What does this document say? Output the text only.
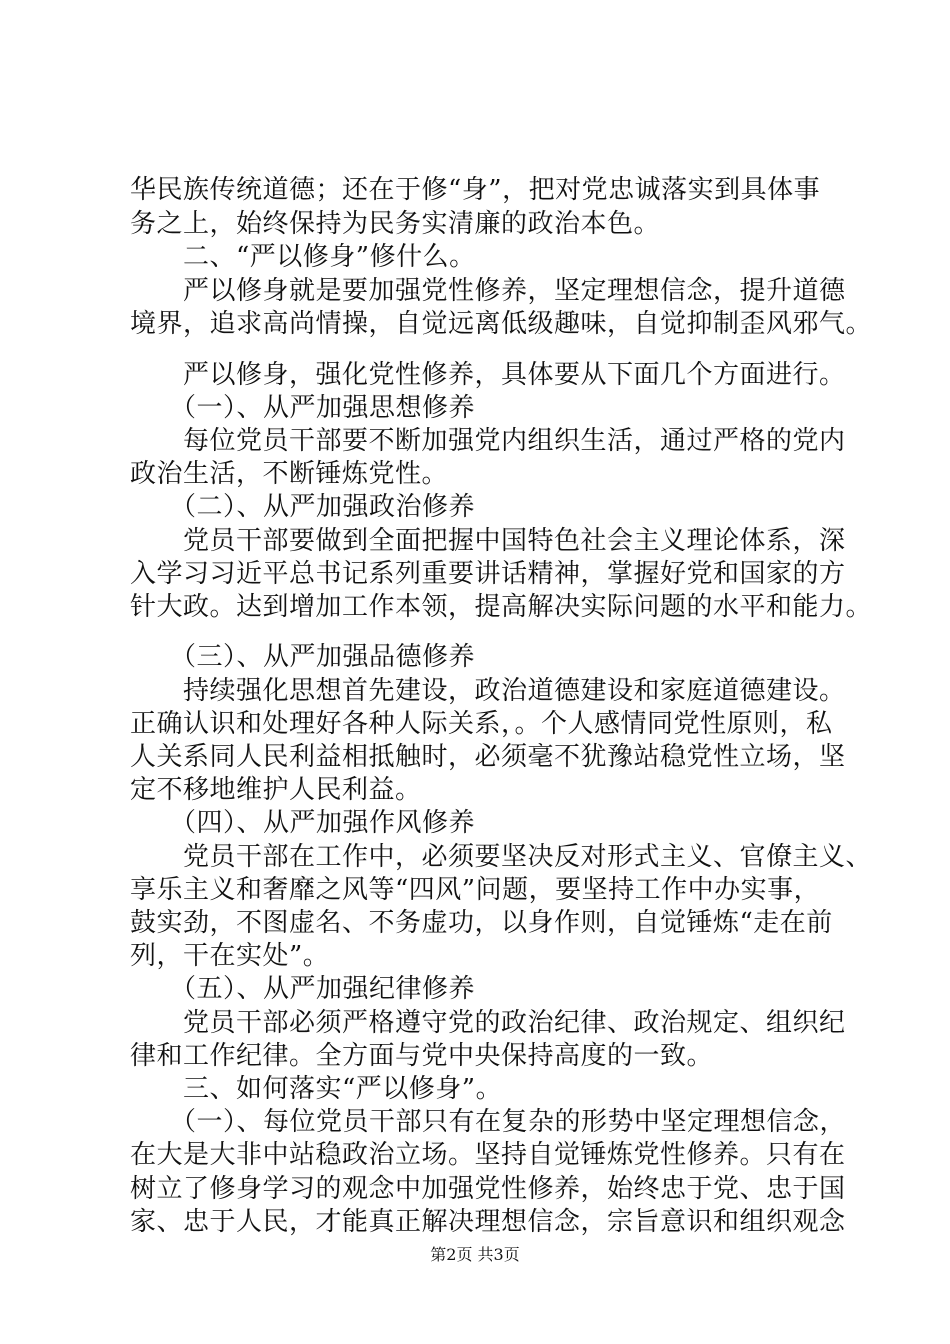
华民族传统道德；还在于修“身”，把对党忠诚落实到具体事
务之上，始终保持为民务实清廉的政治本色。
　　二、“严以修身”修什么。
　　严以修身就是要加强党性修养，坚定理想信念，提升道德
境界，追求高尚情操，自觉远离低级趣味，自觉抑制歪风邪气。
　　严以修身，强化党性修养，具体要从下面几个方面进行。
　　（一）、从严加强思想修养
　　每位党员干部要不断加强党内组织生活，通过严格的党内
政治生活，不断锤炼党性。
　　（二）、从严加强政治修养
　　党员干部要做到全面把握中国特色社会主义理论体系，深
入学习习近平总书记系列重要讲话精神，掌握好党和国家的方
针大政。达到增加工作本领，提高解决实际问题的水平和能力。
　　（三）、从严加强品德修养
　　持续强化思想首先建设，政治道德建设和家庭道德建设。
正确认识和处理好各种人际关系，。个人感情同党性原则，私
人关系同人民利益相抵触时，必须毫不犹豫站稳党性立场，坚
定不移地维护人民利益。
　　（四）、从严加强作风修养
　　党员干部在工作中，必须要坚决反对形式主义、官僚主义、
享乐主义和奢靡之风等“四风”问题，要坚持工作中办实事，
鼓实劲，不图虚名、不务虚功，以身作则，自觉锤炼“走在前
列，干在实处”。
　　（五）、从严加强纪律修养
　　党员干部必须严格遵守党的政治纪律、政治规定、组织纪
律和工作纪律。全方面与党中央保持高度的一致。
　　三、如何落实“严以修身”。
　　（一）、每位党员干部只有在复杂的形势中坚定理想信念，
在大是大非中站稳政治立场。坚持自觉锤炼党性修养。只有在
树立了修身学习的观念中加强党性修养，始终忠于党、忠于国
家、忠于人民，才能真正解决理想信念，宗旨意识和组织观念
第2页 共3页
